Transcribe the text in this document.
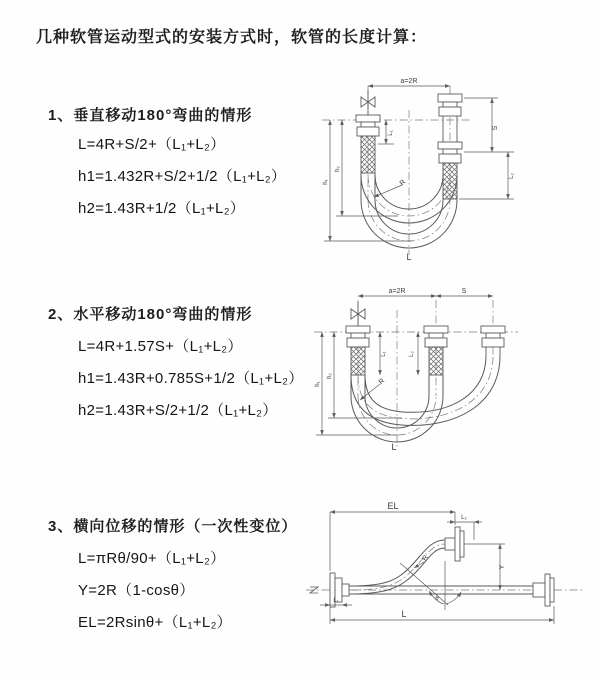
几种软管运动型式的安装方式时，软管的长度计算：
1、垂直移动180°弯曲的情形
L=4R+S/2+（L₁+L₂）
h1=1.432R+S/2+1/2（L₁+L₂）
h2=1.43R+1/2（L₁+L₂）
2、水平移动180°弯曲的情形
L=4R+1.57S+（L₁+L₂）
h1=1.43R+0.785S+1/2（L₁+L₂）
h2=1.43R+S/2+1/2（L₁+L₂）
3、横向位移的情形（一次性变位）
L=πRθ/90+（L₁+L₂）
Y=2R（1-cosθ）
EL=2Rsinθ+（L₁+L₂）
a=2R
S
L₁
L₂
h₁
h₂
R
L
a=2R	S
L₁	L₂
h₁
h₂
R
L
EL
L₂
Y
L
L₁
R
θ
